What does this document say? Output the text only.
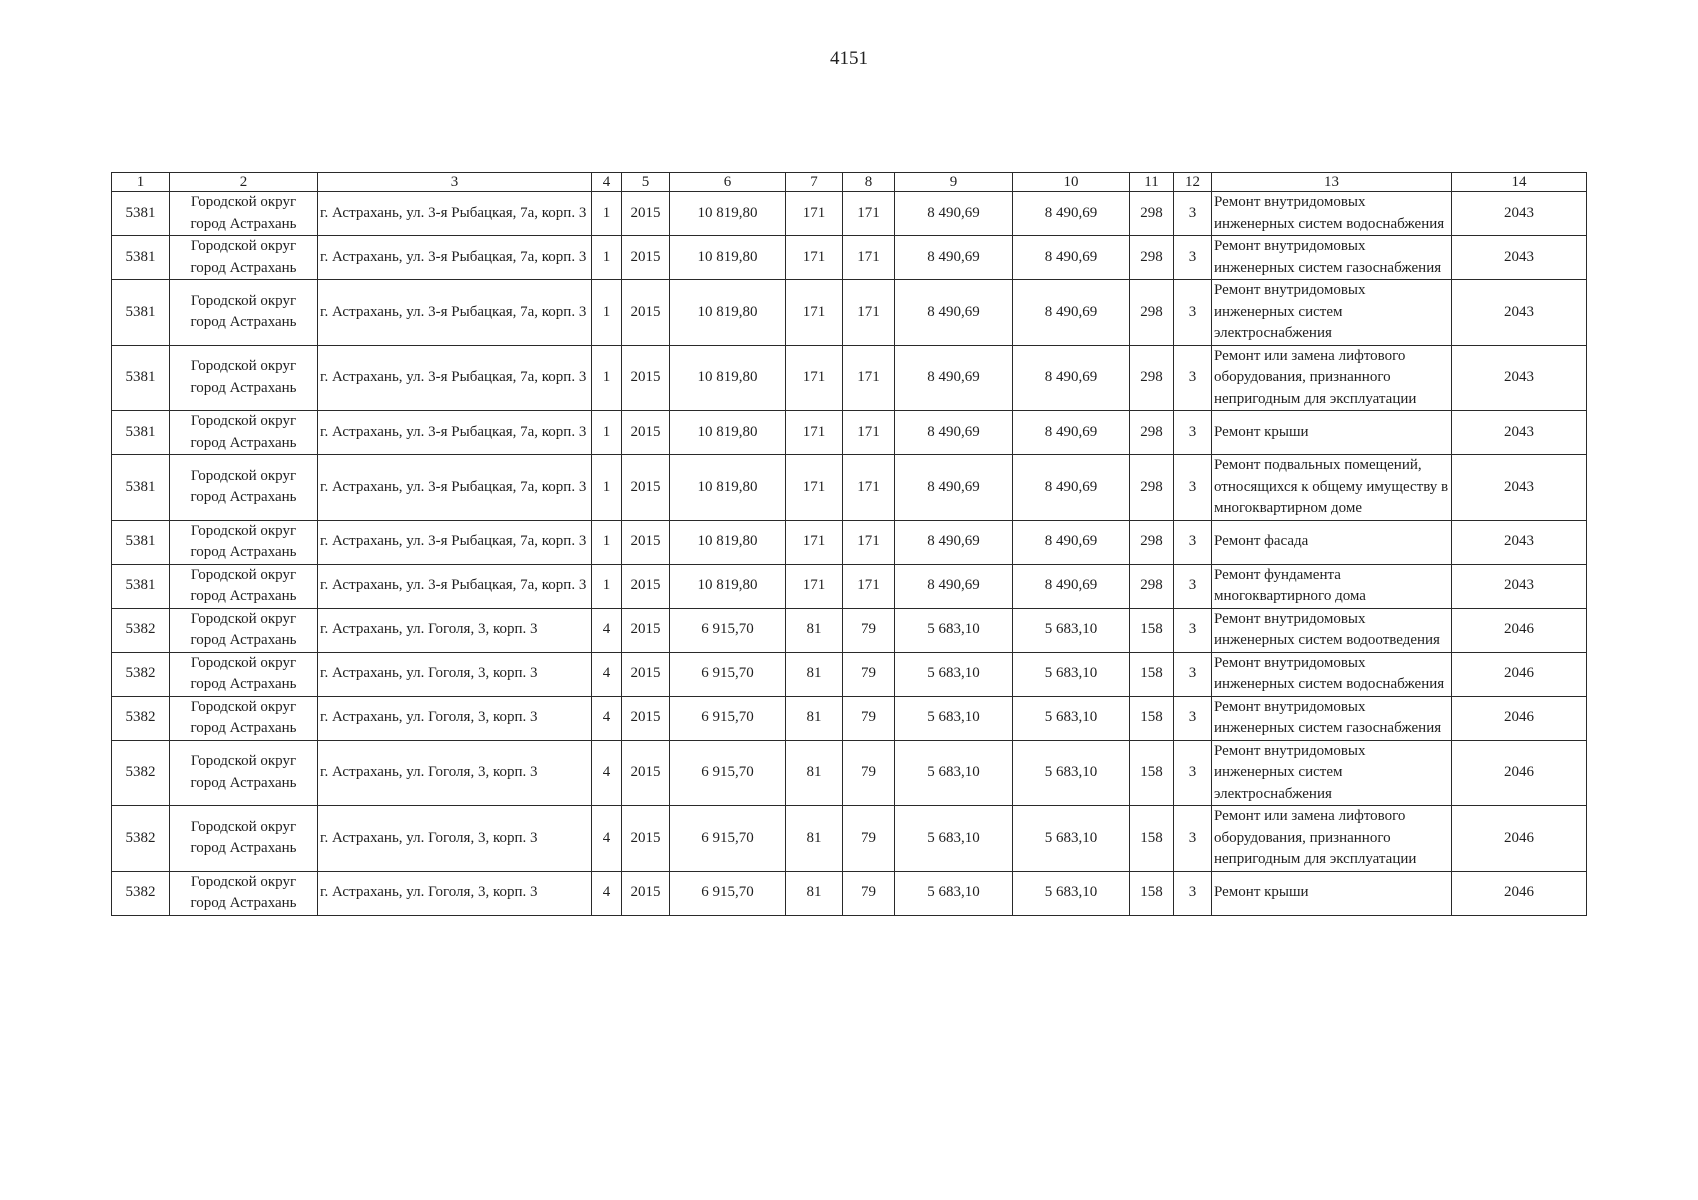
4151
1	2	3	4	5	6	7	8	9	10	11	12	13	14
5381	Городской округ город Астрахань	г. Астрахань, ул. 3-я Рыбацкая, 7а, корп. 3	1	2015	10 819,80	171	171	8 490,69	8 490,69	298	3	Ремонт внутридомовых инженерных систем водоснабжения	2043
5381	Городской округ город Астрахань	г. Астрахань, ул. 3-я Рыбацкая, 7а, корп. 3	1	2015	10 819,80	171	171	8 490,69	8 490,69	298	3	Ремонт внутридомовых инженерных систем газоснабжения	2043
5381	Городской округ город Астрахань	г. Астрахань, ул. 3-я Рыбацкая, 7а, корп. 3	1	2015	10 819,80	171	171	8 490,69	8 490,69	298	3	Ремонт внутридомовых инженерных систем электроснабжения	2043
5381	Городской округ город Астрахань	г. Астрахань, ул. 3-я Рыбацкая, 7а, корп. 3	1	2015	10 819,80	171	171	8 490,69	8 490,69	298	3	Ремонт или замена лифтового оборудования, признанного непригодным для эксплуатации	2043
5381	Городской округ город Астрахань	г. Астрахань, ул. 3-я Рыбацкая, 7а, корп. 3	1	2015	10 819,80	171	171	8 490,69	8 490,69	298	3	Ремонт крыши	2043
5381	Городской округ город Астрахань	г. Астрахань, ул. 3-я Рыбацкая, 7а, корп. 3	1	2015	10 819,80	171	171	8 490,69	8 490,69	298	3	Ремонт подвальных помещений, относящихся к общему имуществу в многоквартирном доме	2043
5381	Городской округ город Астрахань	г. Астрахань, ул. 3-я Рыбацкая, 7а, корп. 3	1	2015	10 819,80	171	171	8 490,69	8 490,69	298	3	Ремонт фасада	2043
5381	Городской округ город Астрахань	г. Астрахань, ул. 3-я Рыбацкая, 7а, корп. 3	1	2015	10 819,80	171	171	8 490,69	8 490,69	298	3	Ремонт фундамента многоквартирного дома	2043
5382	Городской округ город Астрахань	г. Астрахань, ул. Гоголя, 3, корп. 3	4	2015	6 915,70	81	79	5 683,10	5 683,10	158	3	Ремонт внутридомовых инженерных систем водоотведения	2046
5382	Городской округ город Астрахань	г. Астрахань, ул. Гоголя, 3, корп. 3	4	2015	6 915,70	81	79	5 683,10	5 683,10	158	3	Ремонт внутридомовых инженерных систем водоснабжения	2046
5382	Городской округ город Астрахань	г. Астрахань, ул. Гоголя, 3, корп. 3	4	2015	6 915,70	81	79	5 683,10	5 683,10	158	3	Ремонт внутридомовых инженерных систем газоснабжения	2046
5382	Городской округ город Астрахань	г. Астрахань, ул. Гоголя, 3, корп. 3	4	2015	6 915,70	81	79	5 683,10	5 683,10	158	3	Ремонт внутридомовых инженерных систем электроснабжения	2046
5382	Городской округ город Астрахань	г. Астрахань, ул. Гоголя, 3, корп. 3	4	2015	6 915,70	81	79	5 683,10	5 683,10	158	3	Ремонт или замена лифтового оборудования, признанного непригодным для эксплуатации	2046
5382	Городской округ город Астрахань	г. Астрахань, ул. Гоголя, 3, корп. 3	4	2015	6 915,70	81	79	5 683,10	5 683,10	158	3	Ремонт крыши	2046
